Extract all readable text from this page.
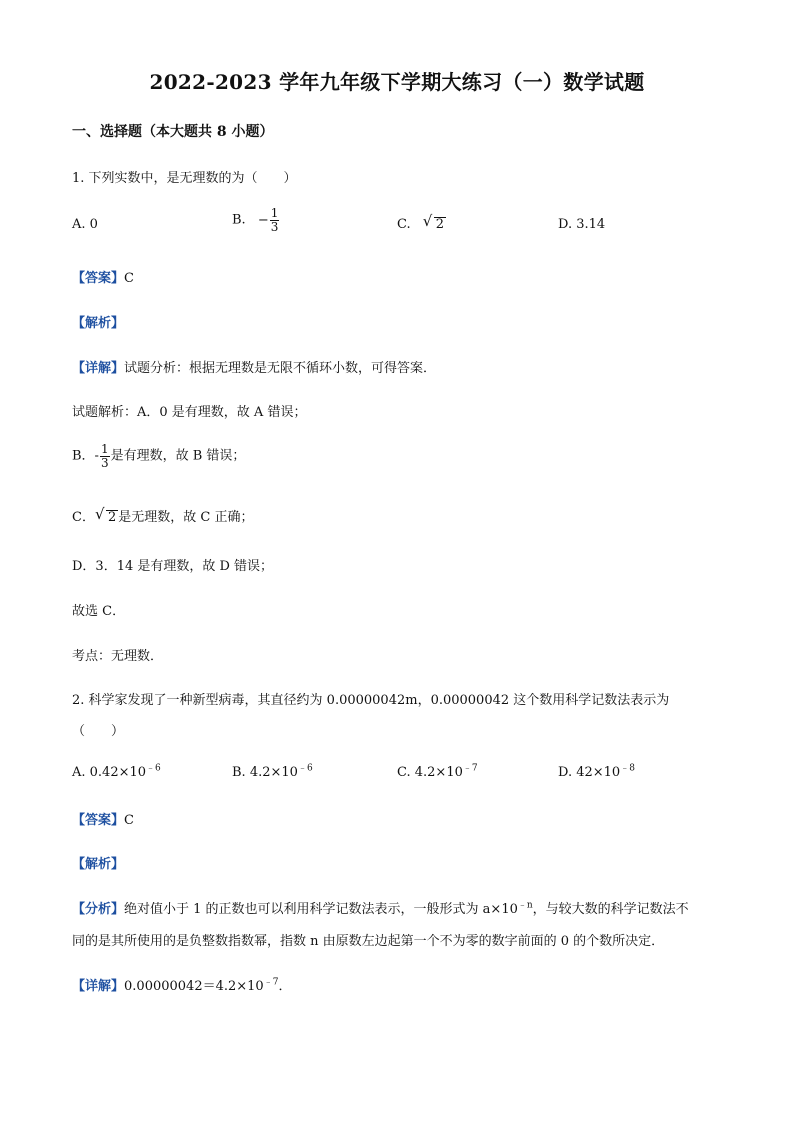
2022-2023 学年九年级下学期大练习（一）数学试题
一、选择题（本大题共 8 小题）
1. 下列实数中，是无理数的为（　　）
A. 0	B. − $\frac{1}{3}$	C. √ 2	D. 3.14
【答案】C
【解析】
【详解】试题分析：根据无理数是无限不循环小数，可得答案．
试题解析：A．0 是有理数，故 A 错误；
B．- $\frac{1}{3}$ 是有理数，故 B 错误；
C． √ 2 是无理数，故 C 正确；
D．3．14 是有理数，故 D 错误；
故选 C．
考点：无理数．
2. 科学家发现了一种新型病毒，其直径约为 0.00000042m，0.00000042 这个数用科学记数法表示为
（　　）
A. $0.42\times 10^{﹣6}$	B. $4.2\times 10^{﹣6}$	C. $4.2\times 10^{﹣7}$	D. $42\times 10^{﹣8}$
【答案】C
【解析】
【分析】绝对值小于 1 的正数也可以利用科学记数法表示，一般形式为 $a\times 10^{﹣n}$，与较大数的科学记数法不
同的是其所使用的是负整数指数幂，指数 n 由原数左边起第一个不为零的数字前面的 0 的个数所决定．
【详解】$0.00000042=4.2\times 10^{﹣7}$．
